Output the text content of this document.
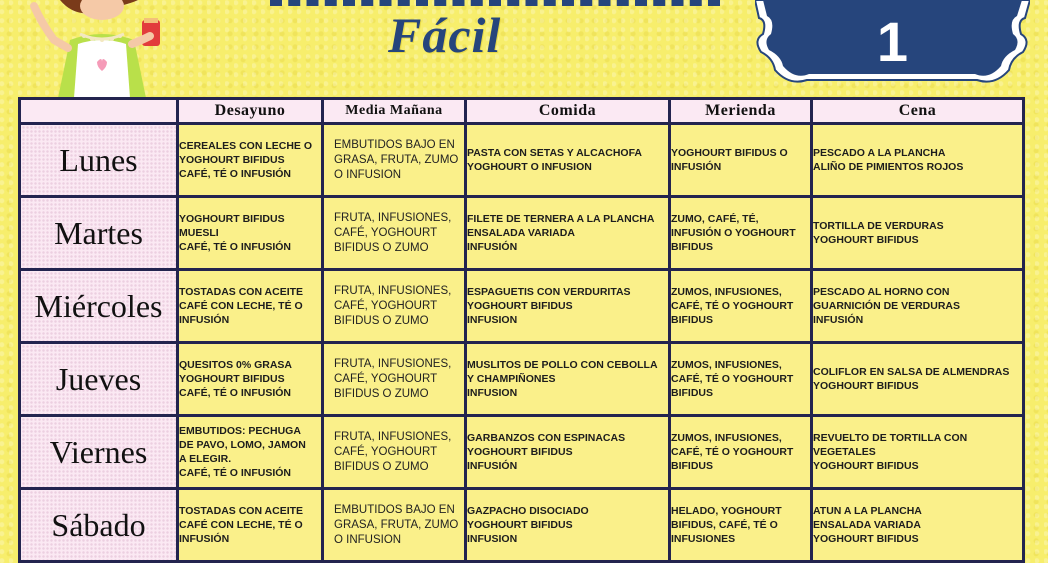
Fácil	1
	Desayuno	Media Mañana	Comida	Merienda	Cena
Lunes	CEREALES CON LECHE O
YOGHOURT BIFIDUS
CAFÉ, TÉ O INFUSIÓN	EMBUTIDOS BAJO EN
GRASA, FRUTA, ZUMO
O INFUSION	PASTA CON SETAS Y ALCACHOFA
YOGHOURT O INFUSION	YOGHOURT BIFIDUS O
INFUSIÓN	PESCADO A LA PLANCHA
ALIÑO DE PIMIENTOS ROJOS
Martes	YOGHOURT BIFIDUS
MUESLI
CAFÉ, TÉ O INFUSIÓN	FRUTA, INFUSIONES,
CAFÉ, YOGHOURT
BIFIDUS O ZUMO	FILETE DE TERNERA A LA PLANCHA
ENSALADA VARIADA
INFUSIÓN	ZUMO, CAFÉ, TÉ,
INFUSIÓN O YOGHOURT
BIFIDUS	TORTILLA DE VERDURAS
YOGHOURT BIFIDUS
Miércoles	TOSTADAS CON ACEITE
CAFÉ CON LECHE, TÉ O
INFUSIÓN	FRUTA, INFUSIONES,
CAFÉ, YOGHOURT
BIFIDUS O ZUMO	ESPAGUETIS CON VERDURITAS
YOGHOURT BIFIDUS
INFUSION	ZUMOS, INFUSIONES,
CAFÉ, TÉ O YOGHOURT
BIFIDUS	PESCADO AL HORNO CON
GUARNICIÓN DE VERDURAS
INFUSIÓN
Jueves	QUESITOS 0% GRASA
YOGHOURT BIFIDUS
CAFÉ, TÉ O INFUSIÓN	FRUTA, INFUSIONES,
CAFÉ, YOGHOURT
BIFIDUS O ZUMO	MUSLITOS DE POLLO CON CEBOLLA
Y CHAMPIÑONES
INFUSION	ZUMOS, INFUSIONES,
CAFÉ, TÉ O YOGHOURT
BIFIDUS	COLIFLOR EN SALSA DE ALMENDRAS
YOGHOURT BIFIDUS
Viernes	EMBUTIDOS: PECHUGA
DE PAVO, LOMO, JAMON
A ELEGIR.
CAFÉ, TÉ O INFUSIÓN	FRUTA, INFUSIONES,
CAFÉ, YOGHOURT
BIFIDUS O ZUMO	GARBANZOS CON ESPINACAS
YOGHOURT BIFIDUS
INFUSIÓN	ZUMOS, INFUSIONES,
CAFÉ, TÉ O YOGHOURT
BIFIDUS	REVUELTO DE TORTILLA CON
VEGETALES
YOGHOURT BIFIDUS
Sábado	TOSTADAS CON ACEITE
CAFÉ CON LECHE, TÉ O
INFUSIÓN	EMBUTIDOS BAJO EN
GRASA, FRUTA, ZUMO
O INFUSION	GAZPACHO DISOCIADO
YOGHOURT BIFIDUS
INFUSION	HELADO, YOGHOURT
BIFIDUS, CAFÉ, TÉ O
INFUSIONES	ATUN A LA PLANCHA
ENSALADA VARIADA
YOGHOURT BIFIDUS
